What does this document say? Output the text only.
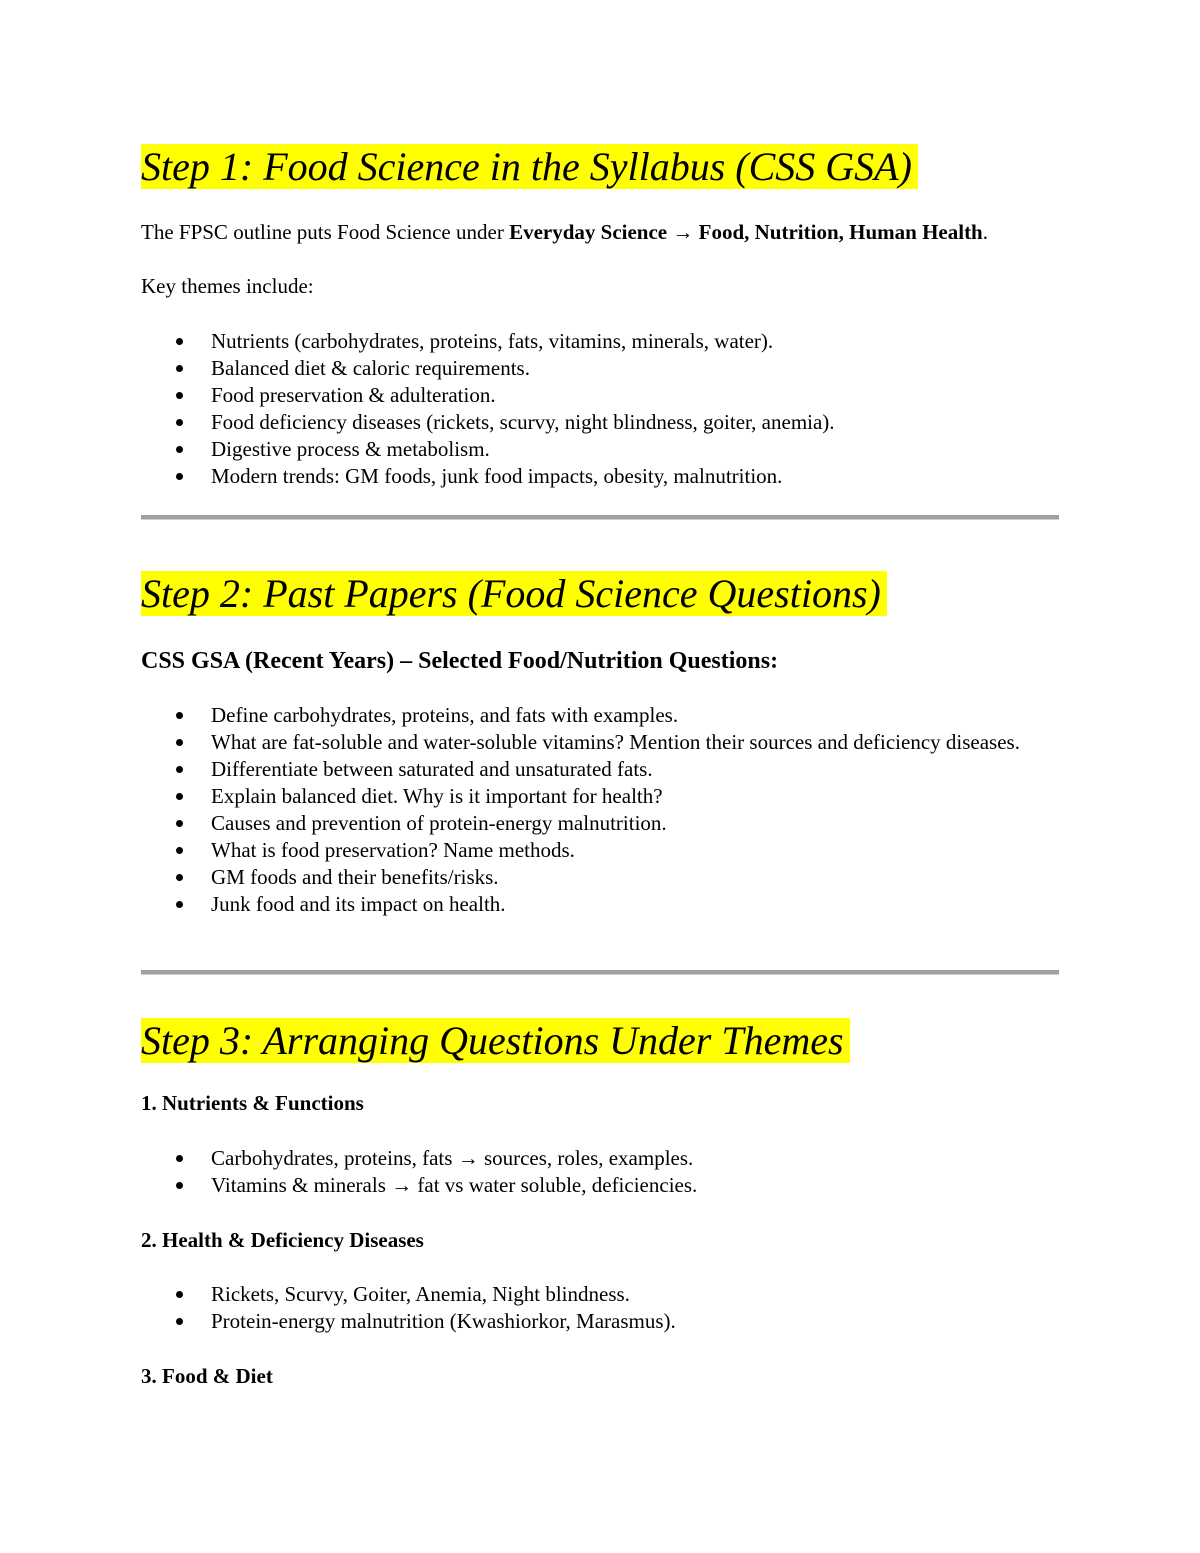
Step 1: Food Science in the Syllabus (CSS GSA)

The FPSC outline puts Food Science under Everyday Science → Food, Nutrition, Human Health.

Key themes include:

Nutrients (carbohydrates, proteins, fats, vitamins, minerals, water).
Balanced diet & caloric requirements.
Food preservation & adulteration.
Food deficiency diseases (rickets, scurvy, night blindness, goiter, anemia).
Digestive process & metabolism.
Modern trends: GM foods, junk food impacts, obesity, malnutrition.
Step 2: Past Papers (Food Science Questions)

CSS GSA (Recent Years) – Selected Food/Nutrition Questions:

Define carbohydrates, proteins, and fats with examples.
What are fat-soluble and water-soluble vitamins? Mention their sources and deficiency diseases.
Differentiate between saturated and unsaturated fats.
Explain balanced diet. Why is it important for health?
Causes and prevention of protein-energy malnutrition.
What is food preservation? Name methods.
GM foods and their benefits/risks.
Junk food and its impact on health.
Step 3: Arranging Questions Under Themes

1. Nutrients & Functions

Carbohydrates, proteins, fats → sources, roles, examples.
Vitamins & minerals → fat vs water soluble, deficiencies.

2. Health & Deficiency Diseases

Rickets, Scurvy, Goiter, Anemia, Night blindness.
Protein-energy malnutrition (Kwashiorkor, Marasmus).

3. Food & Diet
